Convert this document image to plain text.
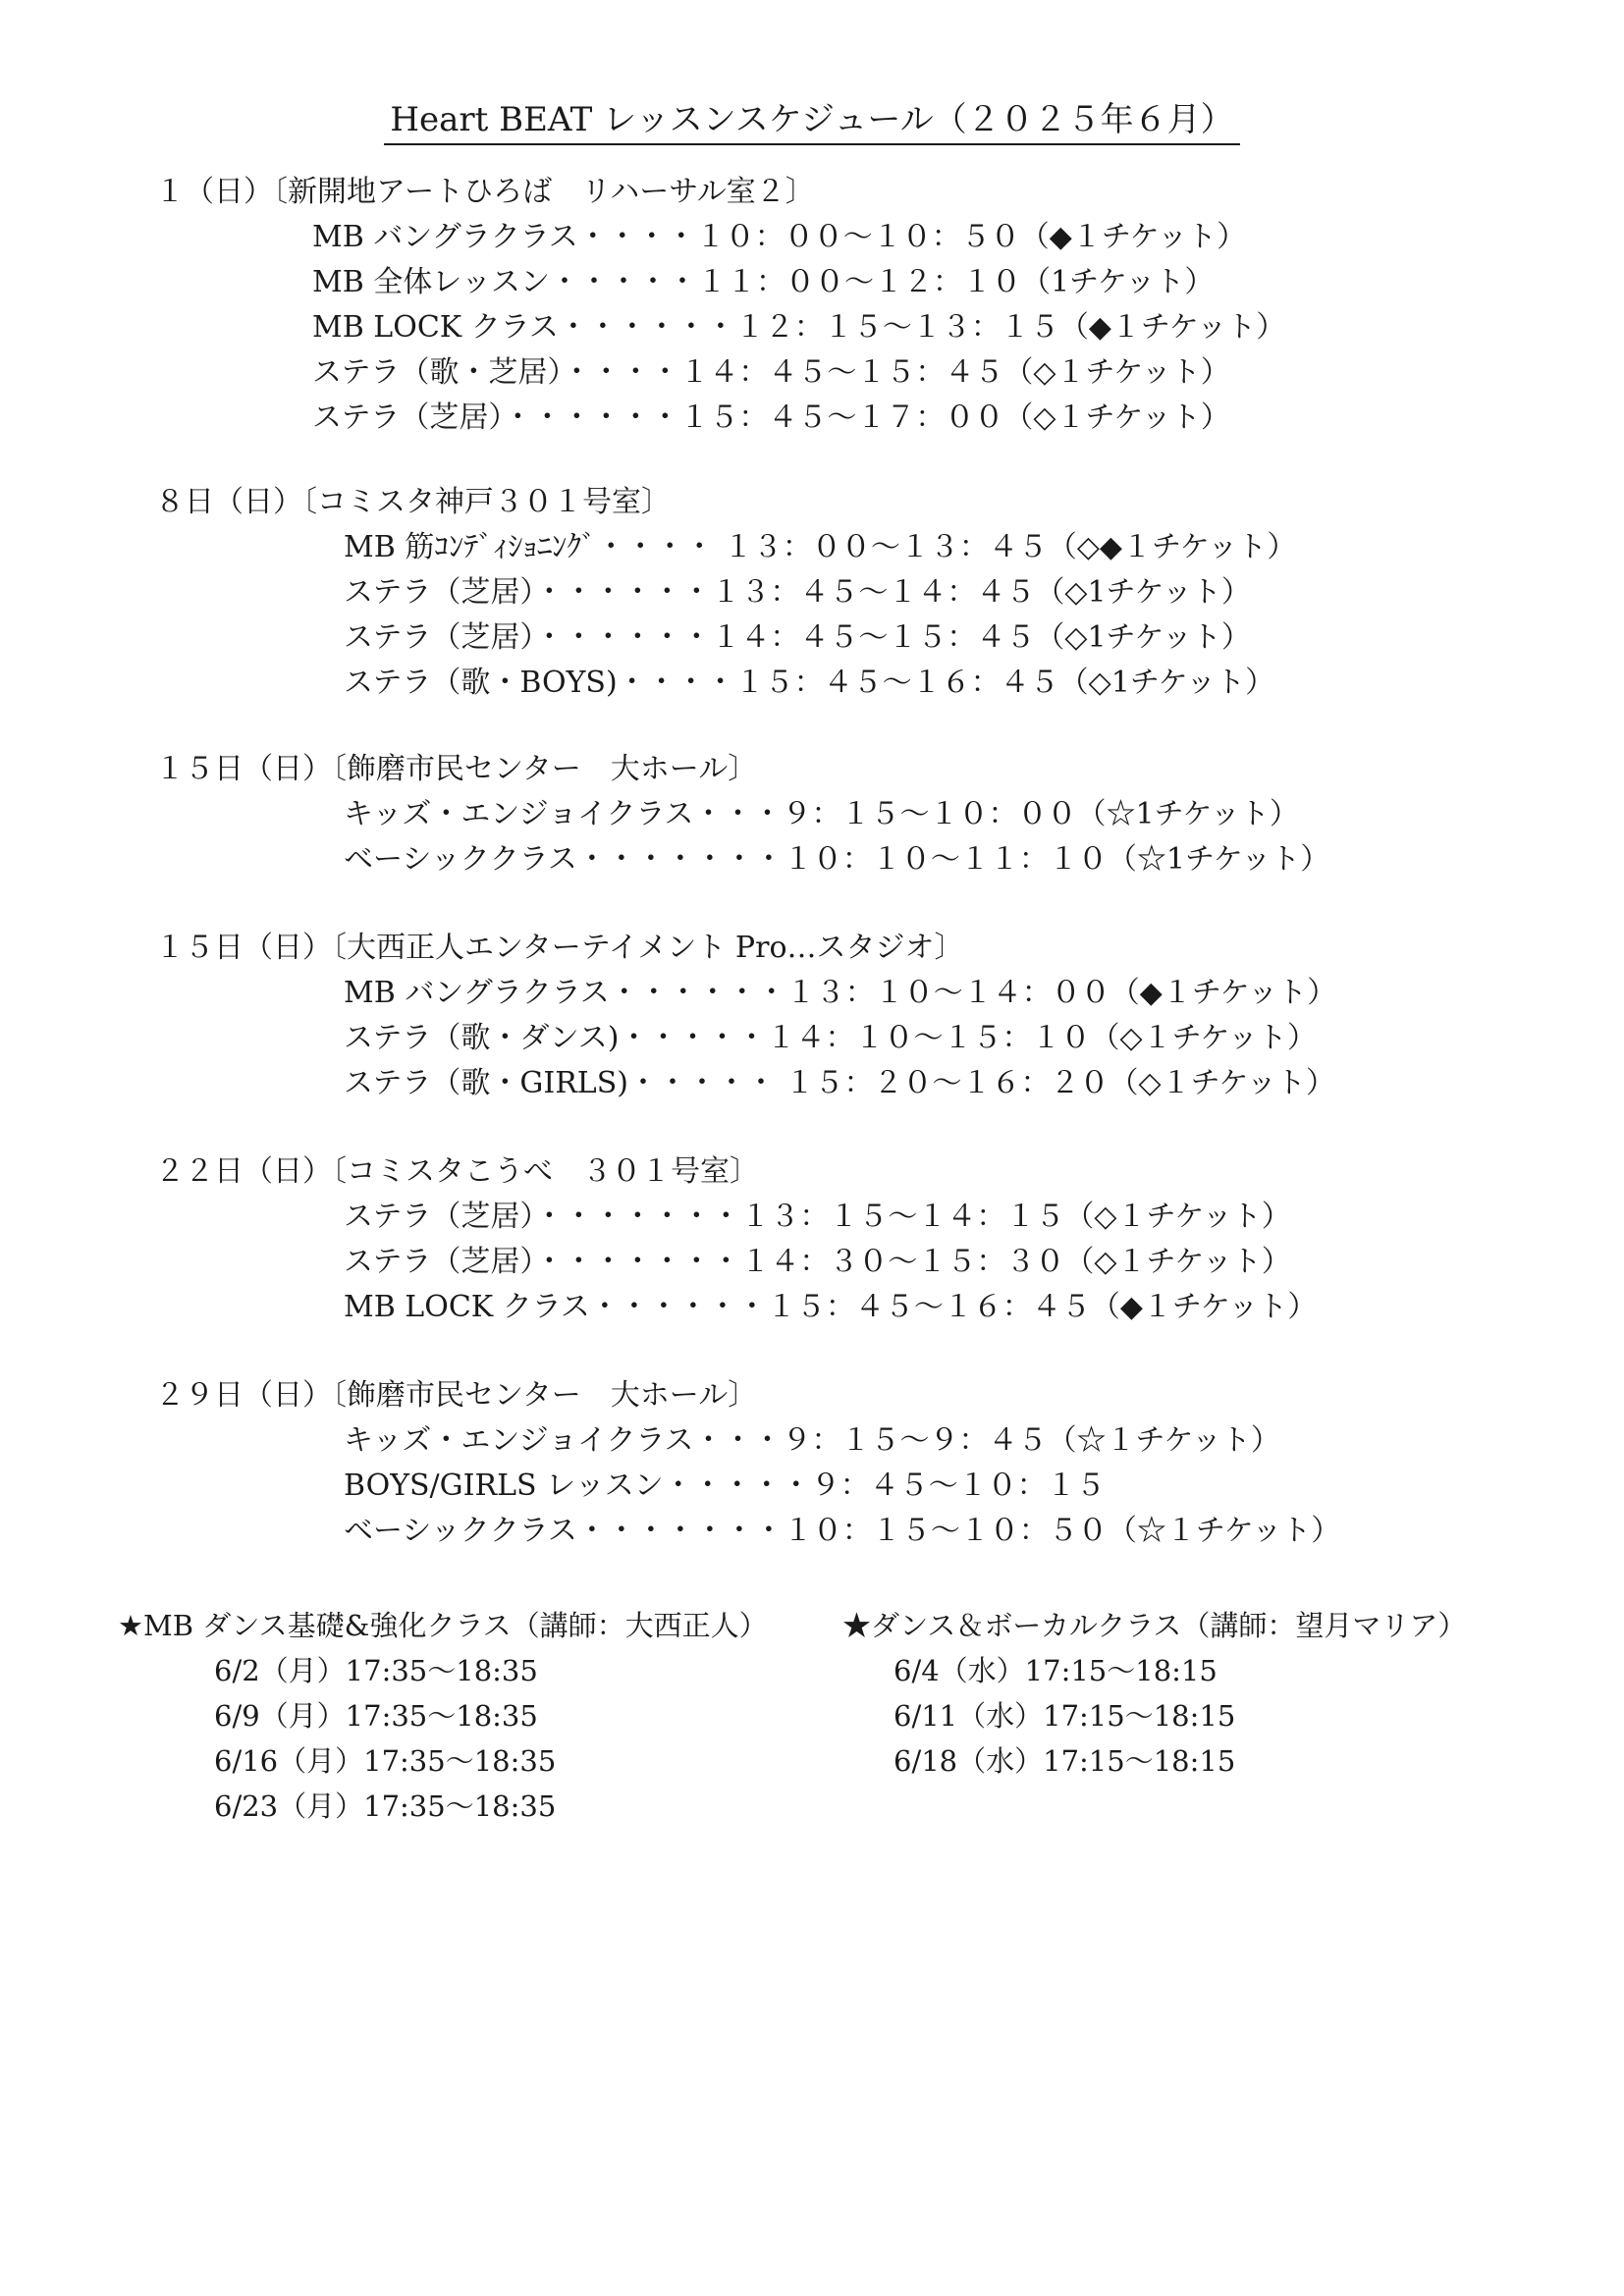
Heart BEAT レッスンスケジュール（２０２５年６月）
１（日）〔新開地アートひろば　リハーサル室２〕
MB バングラクラス・・・・１０：００～１０：５０（◆１チケット）
MB 全体レッスン・・・・・１１：００～１２：１０（1チケット）
MB LOCK クラス・・・・・・１２：１５～１３：１５（◆１チケット）
ステラ（歌・芝居）・・・・１４：４５～１５：４５（◇１チケット）
ステラ（芝居）・・・・・・１５：４５～１７：００（◇１チケット）
８日（日）〔コミスタ神戸３０１号室〕
MB 筋ｺﾝﾃﾞｨｼｮﾆﾝｸﾞ・・・・ １３：００～１３：４５（◇◆１チケット）
ステラ（芝居）・・・・・・１３：４５～１４：４５（◇1チケット）
ステラ（芝居）・・・・・・１４：４５～１５：４５（◇1チケット）
ステラ（歌・BOYS)・・・・１５：４５～１６：４５（◇1チケット）
１５日（日）〔飾磨市民センター　大ホール〕
キッズ・エンジョイクラス・・・９：１５～１０：００（☆1チケット）
ベーシッククラス・・・・・・・１０：１０～１１：１０（☆1チケット）
１５日（日）〔大西正人エンターテイメント Pro…スタジオ〕
MB バングラクラス・・・・・・１３：１０～１４：００（◆１チケット）
ステラ（歌・ダンス)・・・・・１４：１０～１５：１０（◇１チケット）
ステラ（歌・GIRLS)・・・・・ １５：２０～１６：２０（◇１チケット）
２２日（日）〔コミスタこうべ　３０１号室〕
ステラ（芝居）・・・・・・・１３：１５～１４：１５（◇１チケット）
ステラ（芝居）・・・・・・・１４：３０～１５：３０（◇１チケット）
MB LOCK クラス・・・・・・１５：４５～１６：４５（◆１チケット）
２９日（日）〔飾磨市民センター　大ホール〕
キッズ・エンジョイクラス・・・９：１５～９：４５（☆１チケット）
BOYS/GIRLS レッスン・・・・・９：４５～１０：１５
ベーシッククラス・・・・・・・１０：１５～１０：５０（☆１チケット）
★MB ダンス基礎&強化クラス（講師：大西正人）
6/2（月）17:35～18:35
6/9（月）17:35～18:35
6/16（月）17:35～18:35
6/23（月）17:35～18:35
★ダンス＆ボーカルクラス（講師：望月マリア）
6/4（水）17:15～18:15
6/11（水）17:15～18:15
6/18（水）17:15～18:15
